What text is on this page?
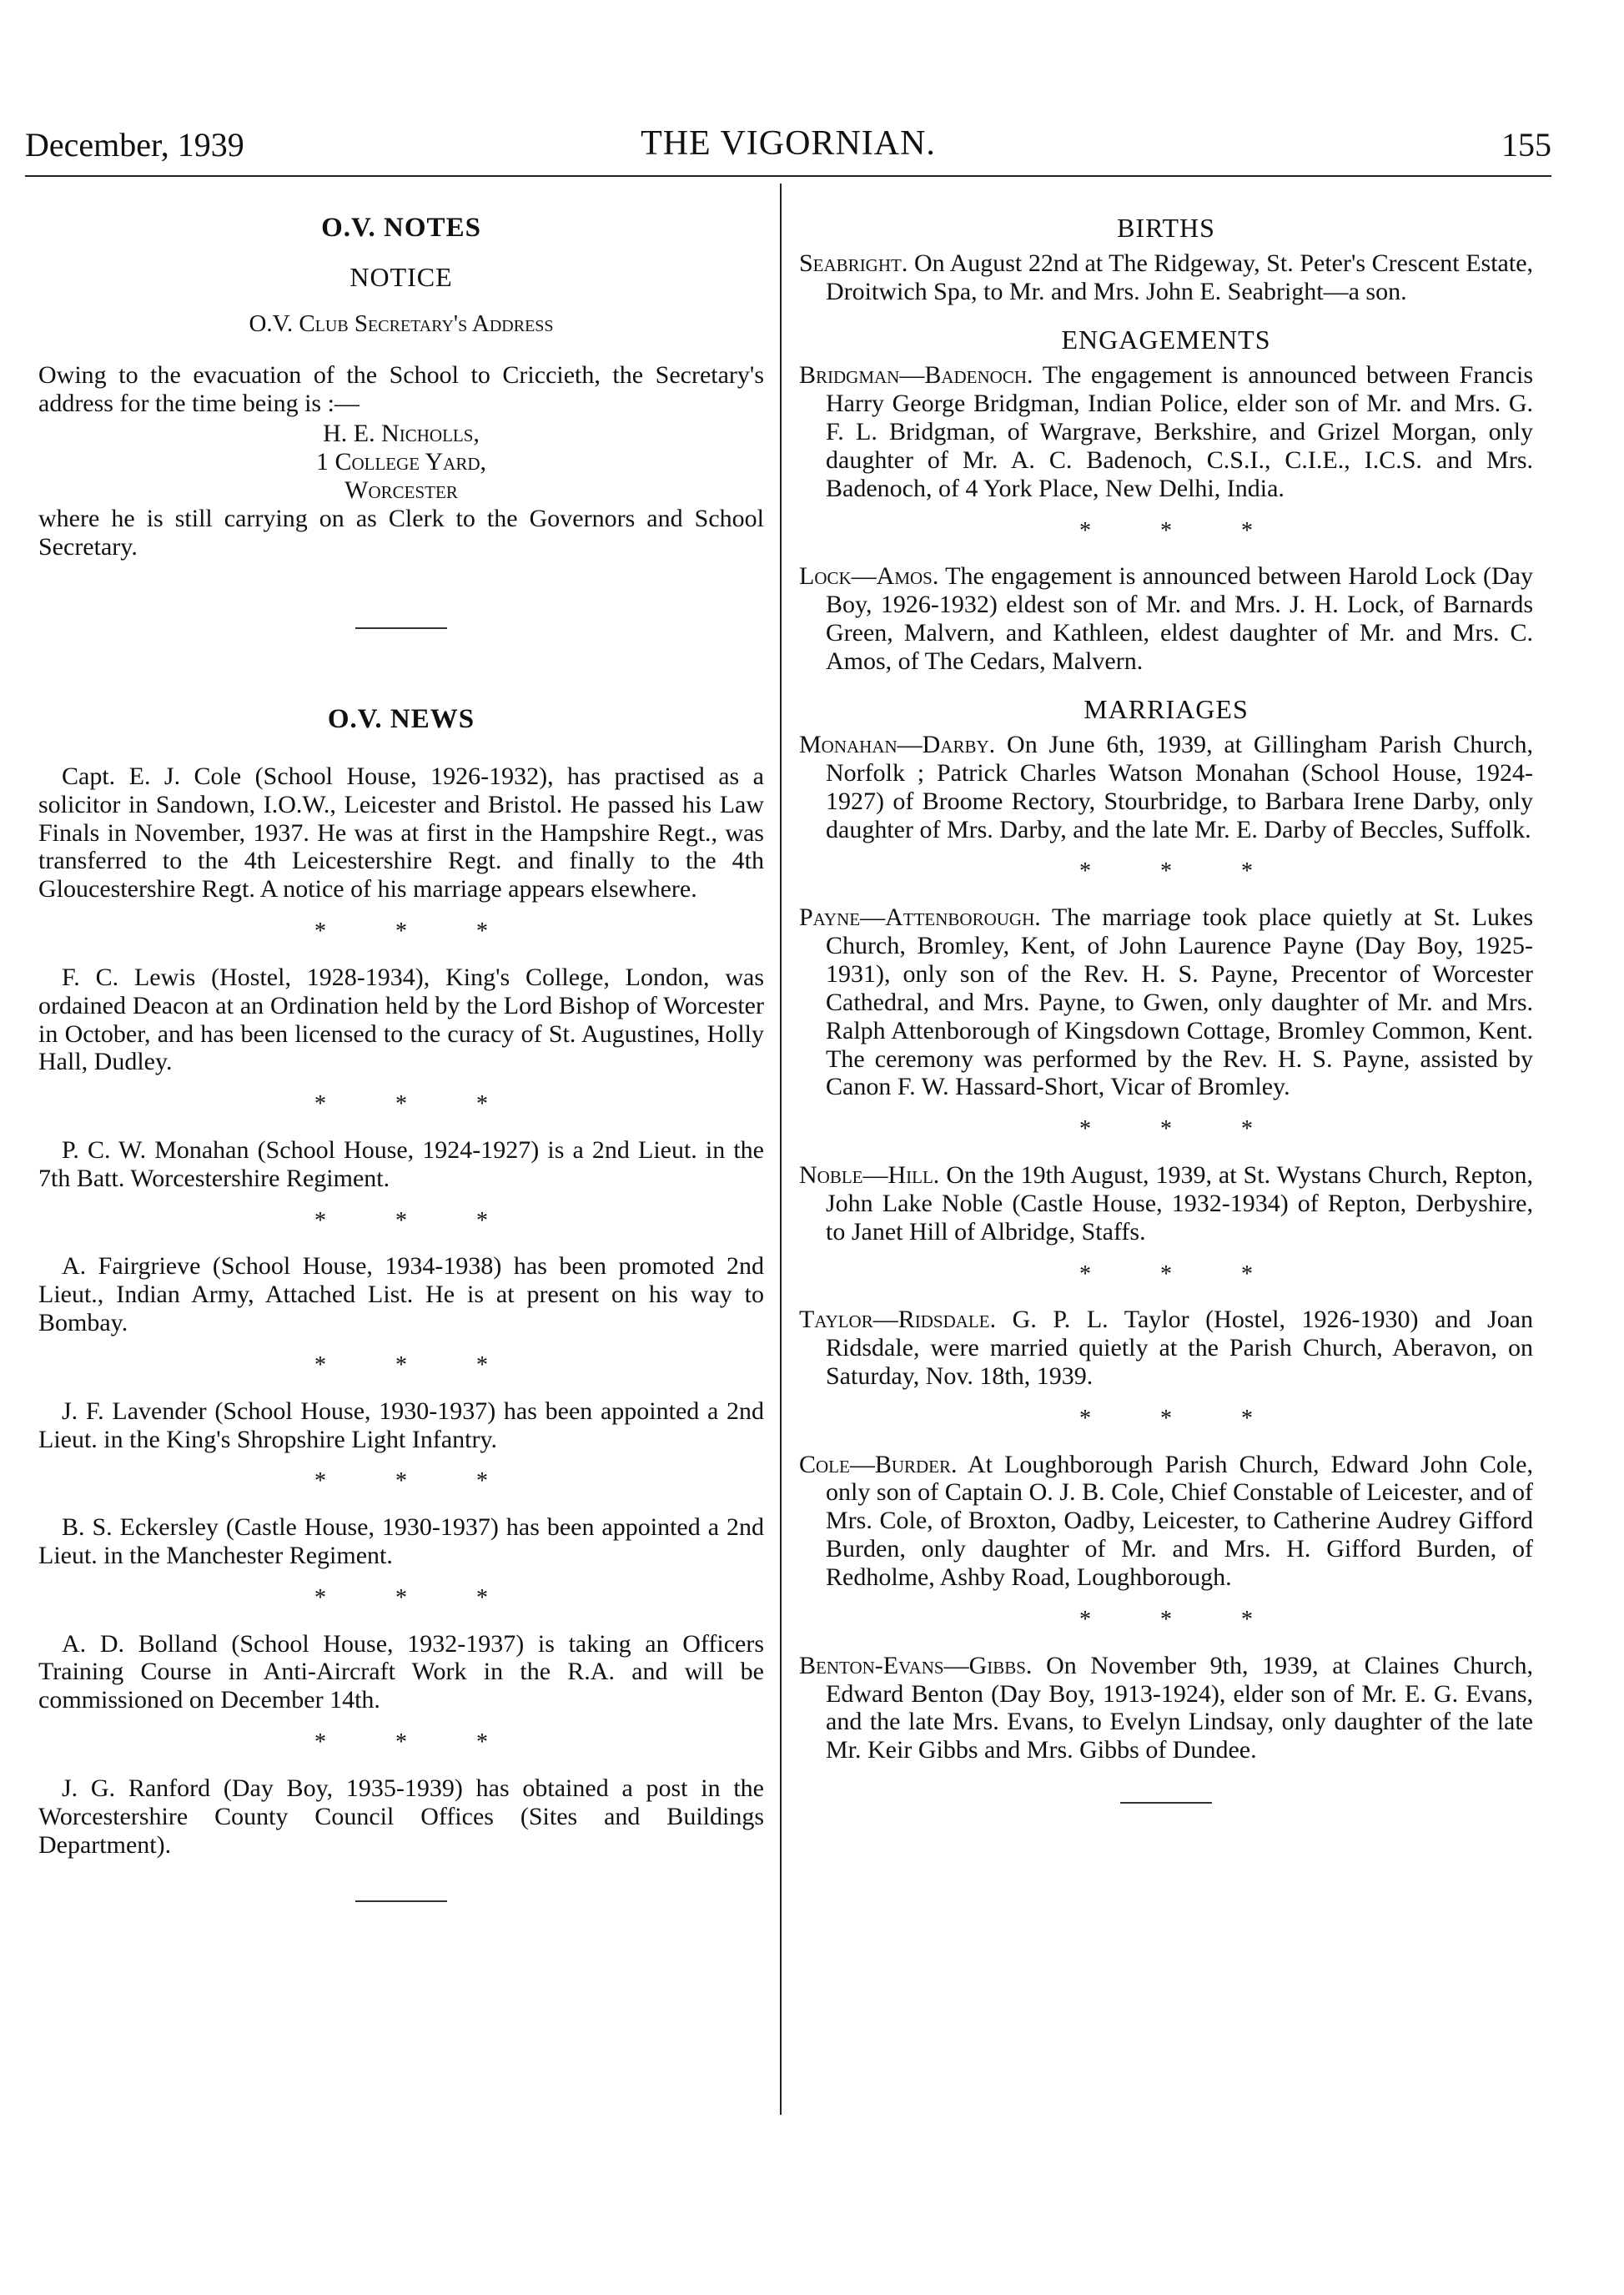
December, 1939	THE VIGORNIAN.	155
O.V. NOTES
NOTICE
O.V. Club Secretary's Address

Owing to the evacuation of the School to Criccieth, the Secretary's address for the time being is :—

H. E. Nicholls,
1 College Yard,
Worcester

where he is still carrying on as Clerk to the Governors and School Secretary.

O.V. NEWS

Capt. E. J. Cole (School House, 1926-1932), has practised as a solicitor in Sandown, I.O.W., Leicester and Bristol. He passed his Law Finals in November, 1937. He was at first in the Hampshire Regt., was transferred to the 4th Leicestershire Regt. and finally to the 4th Gloucestershire Regt. A notice of his marriage appears elsewhere.

* * *

F. C. Lewis (Hostel, 1928-1934), King's College, London, was ordained Deacon at an Ordination held by the Lord Bishop of Worcester in October, and has been licensed to the curacy of St. Augustines, Holly Hall, Dudley.

* * *

P. C. W. Monahan (School House, 1924-1927) is a 2nd Lieut. in the 7th Batt. Worcestershire Regiment.

* * *

A. Fairgrieve (School House, 1934-1938) has been promoted 2nd Lieut., Indian Army, Attached List. He is at present on his way to Bombay.

* * *

J. F. Lavender (School House, 1930-1937) has been appointed a 2nd Lieut. in the King's Shropshire Light Infantry.

* * *

B. S. Eckersley (Castle House, 1930-1937) has been appointed a 2nd Lieut. in the Manchester Regiment.

* * *

A. D. Bolland (School House, 1932-1937) is taking an Officers Training Course in Anti-Aircraft Work in the R.A. and will be commissioned on December 14th.

* * *

J. G. Ranford (Day Boy, 1935-1939) has obtained a post in the Worcestershire County Council Offices (Sites and Buildings Department).

BIRTHS

Seabright. On August 22nd at The Ridgeway, St. Peter's Crescent Estate, Droitwich Spa, to Mr. and Mrs. John E. Seabright—a son.

ENGAGEMENTS

Bridgman—Badenoch. The engagement is announced between Francis Harry George Bridgman, Indian Police, elder son of Mr. and Mrs. G. F. L. Bridgman, of Wargrave, Berkshire, and Grizel Morgan, only daughter of Mr. A. C. Badenoch, C.S.I., C.I.E., I.C.S. and Mrs. Badenoch, of 4 York Place, New Delhi, India.

* * *

Lock—Amos. The engagement is announced between Harold Lock (Day Boy, 1926-1932) eldest son of Mr. and Mrs. J. H. Lock, of Barnards Green, Malvern, and Kathleen, eldest daughter of Mr. and Mrs. C. Amos, of The Cedars, Malvern.

MARRIAGES

Monahan—Darby. On June 6th, 1939, at Gillingham Parish Church, Norfolk ; Patrick Charles Watson Monahan (School House, 1924-1927) of Broome Rectory, Stourbridge, to Barbara Irene Darby, only daughter of Mrs. Darby, and the late Mr. E. Darby of Beccles, Suffolk.

* * *

Payne—Attenborough. The marriage took place quietly at St. Lukes Church, Bromley, Kent, of John Laurence Payne (Day Boy, 1925-1931), only son of the Rev. H. S. Payne, Precentor of Worcester Cathedral, and Mrs. Payne, to Gwen, only daughter of Mr. and Mrs. Ralph Attenborough of Kingsdown Cottage, Bromley Common, Kent. The ceremony was performed by the Rev. H. S. Payne, assisted by Canon F. W. Hassard-Short, Vicar of Bromley.

* * *

Noble—Hill. On the 19th August, 1939, at St. Wystans Church, Repton, John Lake Noble (Castle House, 1932-1934) of Repton, Derbyshire, to Janet Hill of Albridge, Staffs.

* * *

Taylor—Ridsdale. G. P. L. Taylor (Hostel, 1926-1930) and Joan Ridsdale, were married quietly at the Parish Church, Aberavon, on Saturday, Nov. 18th, 1939.

* * *

Cole—Burder. At Loughborough Parish Church, Edward John Cole, only son of Captain O. J. B. Cole, Chief Constable of Leicester, and of Mrs. Cole, of Broxton, Oadby, Leicester, to Catherine Audrey Gifford Burden, only daughter of Mr. and Mrs. H. Gifford Burden, of Redholme, Ashby Road, Loughborough.

* * *

Benton-Evans—Gibbs. On November 9th, 1939, at Claines Church, Edward Benton (Day Boy, 1913-1924), elder son of Mr. E. G. Evans, and the late Mrs. Evans, to Evelyn Lindsay, only daughter of the late Mr. Keir Gibbs and Mrs. Gibbs of Dundee.
